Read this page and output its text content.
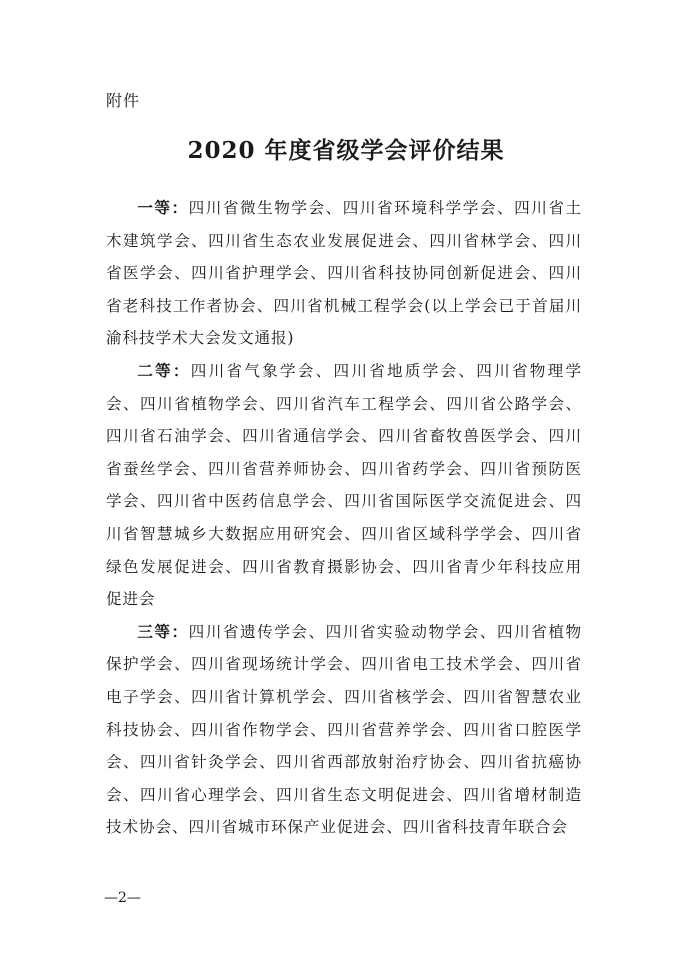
附件
2020 年度省级学会评价结果

一等：四川省微生物学会、四川省环境科学学会、四川省土木建筑学会、四川省生态农业发展促进会、四川省林学会、四川省医学会、四川省护理学会、四川省科技协同创新促进会、四川省老科技工作者协会、四川省机械工程学会(以上学会已于首届川渝科技学术大会发文通报)

二等：四川省气象学会、四川省地质学会、四川省物理学会、四川省植物学会、四川省汽车工程学会、四川省公路学会、四川省石油学会、四川省通信学会、四川省畜牧兽医学会、四川省蚕丝学会、四川省营养师协会、四川省药学会、四川省预防医学会、四川省中医药信息学会、四川省国际医学交流促进会、四川省智慧城乡大数据应用研究会、四川省区域科学学会、四川省绿色发展促进会、四川省教育摄影协会、四川省青少年科技应用促进会

三等：四川省遗传学会、四川省实验动物学会、四川省植物保护学会、四川省现场统计学会、四川省电工技术学会、四川省电子学会、四川省计算机学会、四川省核学会、四川省智慧农业科技协会、四川省作物学会、四川省营养学会、四川省口腔医学会、四川省针灸学会、四川省西部放射治疗协会、四川省抗癌协会、四川省心理学会、四川省生态文明促进会、四川省增材制造技术协会、四川省城市环保产业促进会、四川省科技青年联合会

—2—
